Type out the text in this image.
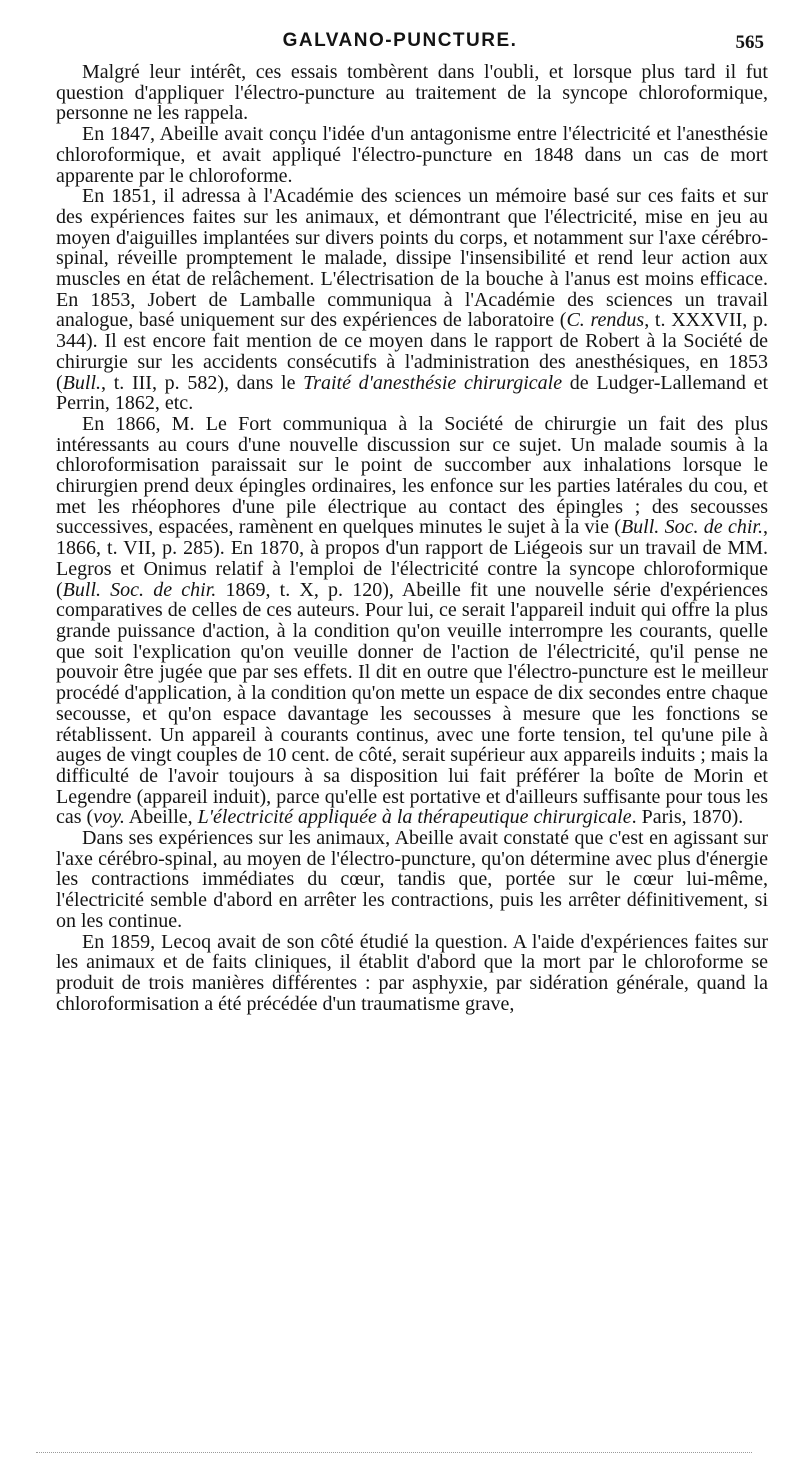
GALVANO-PUNCTURE.	565

Malgré leur intérêt, ces essais tombèrent dans l'oubli, et lorsque plus tard il fut question d'appliquer l'électro-puncture au traitement de la syncope chloroformique, personne ne les rappela.

En 1847, Abeille avait conçu l'idée d'un antagonisme entre l'électricité et l'anesthésie chloroformique, et avait appliqué l'électro-puncture en 1848 dans un cas de mort apparente par le chloroforme.

En 1851, il adressa à l'Académie des sciences un mémoire basé sur ces faits et sur des expériences faites sur les animaux, et démontrant que l'électricité, mise en jeu au moyen d'aiguilles implantées sur divers points du corps, et notamment sur l'axe cérébro-spinal, réveille promptement le malade, dissipe l'insensibilité et rend leur action aux muscles en état de relâchement. L'électrisation de la bouche à l'anus est moins efficace. En 1853, Jobert de Lamballe communiqua à l'Académie des sciences un travail analogue, basé uniquement sur des expériences de laboratoire (C. rendus, t. XXXVII, p. 344). Il est encore fait mention de ce moyen dans le rapport de Robert à la Société de chirurgie sur les accidents consécutifs à l'administration des anesthésiques, en 1853 (Bull., t. III, p. 582), dans le Traité d'anesthésie chirurgicale de Ludger-Lallemand et Perrin, 1862, etc.

En 1866, M. Le Fort communiqua à la Société de chirurgie un fait des plus intéressants au cours d'une nouvelle discussion sur ce sujet. Un malade soumis à la chloroformisation paraissait sur le point de succomber aux inhalations lorsque le chirurgien prend deux épingles ordinaires, les enfonce sur les parties latérales du cou, et met les rhéophores d'une pile électrique au contact des épingles ; des secousses successives, espacées, ramènent en quelques minutes le sujet à la vie (Bull. Soc. de chir., 1866, t. VII, p. 285). En 1870, à propos d'un rapport de Liégeois sur un travail de MM. Legros et Onimus relatif à l'emploi de l'électricité contre la syncope chloroformique (Bull. Soc. de chir. 1869, t. X, p. 120), Abeille fit une nouvelle série d'expériences comparatives de celles de ces auteurs. Pour lui, ce serait l'appareil induit qui offre la plus grande puissance d'action, à la condition qu'on veuille interrompre les courants, quelle que soit l'explication qu'on veuille donner de l'action de l'électricité, qu'il pense ne pouvoir être jugée que par ses effets. Il dit en outre que l'électro-puncture est le meilleur procédé d'application, à la condition qu'on mette un espace de dix secondes entre chaque secousse, et qu'on espace davantage les secousses à mesure que les fonctions se rétablissent. Un appareil à courants continus, avec une forte tension, tel qu'une pile à auges de vingt couples de 10 cent. de côté, serait supérieur aux appareils induits ; mais la difficulté de l'avoir toujours à sa disposition lui fait préférer la boîte de Morin et Legendre (appareil induit), parce qu'elle est portative et d'ailleurs suffisante pour tous les cas (voy. Abeille, L'électricité appliquée à la thérapeutique chirurgicale. Paris, 1870).

Dans ses expériences sur les animaux, Abeille avait constaté que c'est en agissant sur l'axe cérébro-spinal, au moyen de l'électro-puncture, qu'on détermine avec plus d'énergie les contractions immédiates du cœur, tandis que, portée sur le cœur lui-même, l'électricité semble d'abord en arrêter les contractions, puis les arrêter définitivement, si on les continue.

En 1859, Lecoq avait de son côté étudié la question. A l'aide d'expériences faites sur les animaux et de faits cliniques, il établit d'abord que la mort par le chloroforme se produit de trois manières différentes : par asphyxie, par sidération générale, quand la chloroformisation a été précédée d'un traumatisme grave,
